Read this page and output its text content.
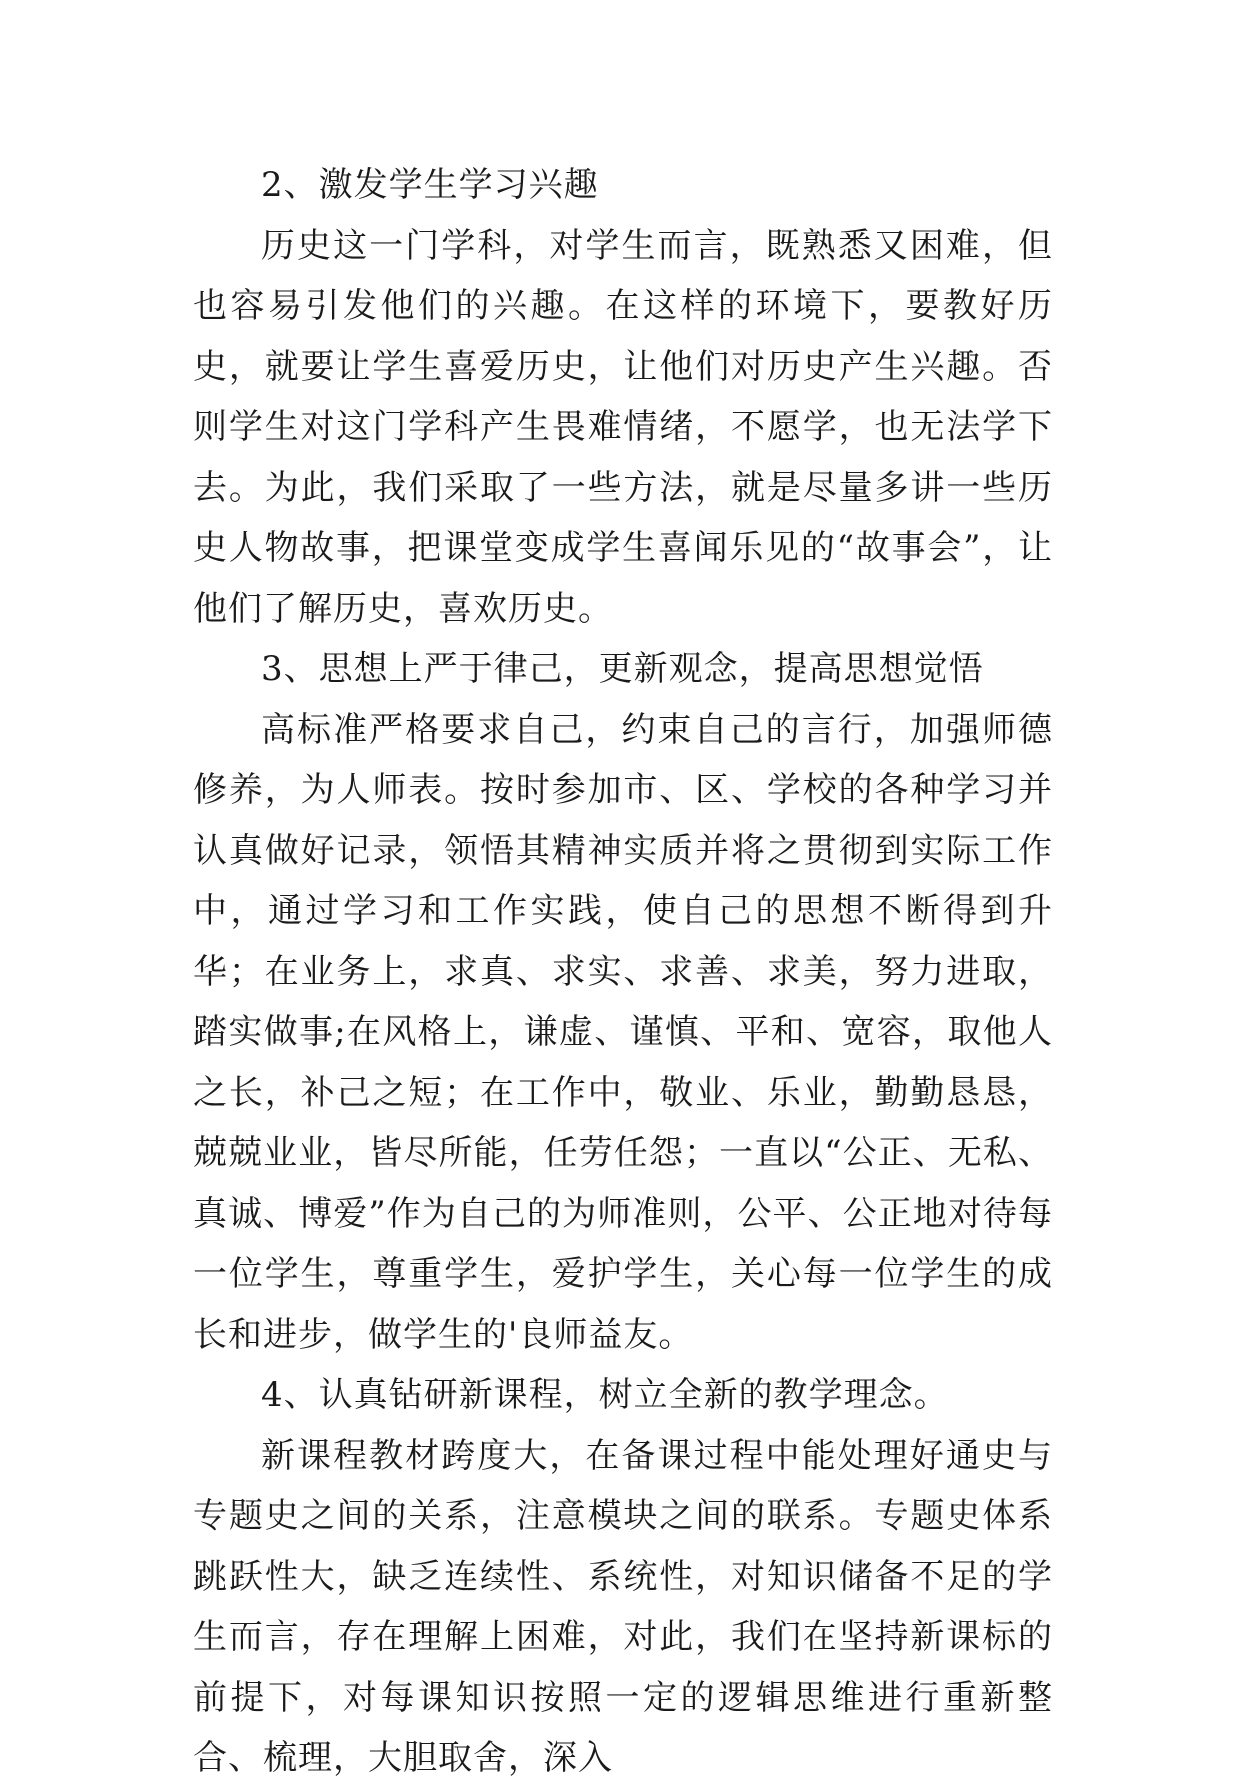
2、激发学生学习兴趣

历史这一门学科，对学生而言，既熟悉又困难，但也容易引发他们的兴趣。在这样的环境下，要教好历史，就要让学生喜爱历史，让他们对历史产生兴趣。否则学生对这门学科产生畏难情绪，不愿学，也无法学下去。为此，我们采取了一些方法，就是尽量多讲一些历史人物故事，把课堂变成学生喜闻乐见的“故事会”，让他们了解历史，喜欢历史。

3、思想上严于律己，更新观念，提高思想觉悟

高标准严格要求自己，约束自己的言行，加强师德修养，为人师表。按时参加市、区、学校的各种学习并认真做好记录，领悟其精神实质并将之贯彻到实际工作中，通过学习和工作实践，使自己的思想不断得到升华；在业务上，求真、求实、求善、求美，努力进取，踏实做事;在风格上，谦虚、谨慎、平和、宽容，取他人之长，补己之短；在工作中，敬业、乐业，勤勤恳恳，兢兢业业，皆尽所能，任劳任怨；一直以“公正、无私、真诚、博爱”作为自己的为师准则，公平、公正地对待每一位学生，尊重学生，爱护学生，关心每一位学生的成长和进步，做学生的'良师益友。

4、认真钻研新课程，树立全新的教学理念。

新课程教材跨度大，在备课过程中能处理好通史与专题史之间的关系，注意模块之间的联系。专题史体系跳跃性大，缺乏连续性、系统性，对知识储备不足的学生而言，存在理解上困难，对此，我们在坚持新课标的前提下，对每课知识按照一定的逻辑思维进行重新整合、梳理，大胆取舍，深入
